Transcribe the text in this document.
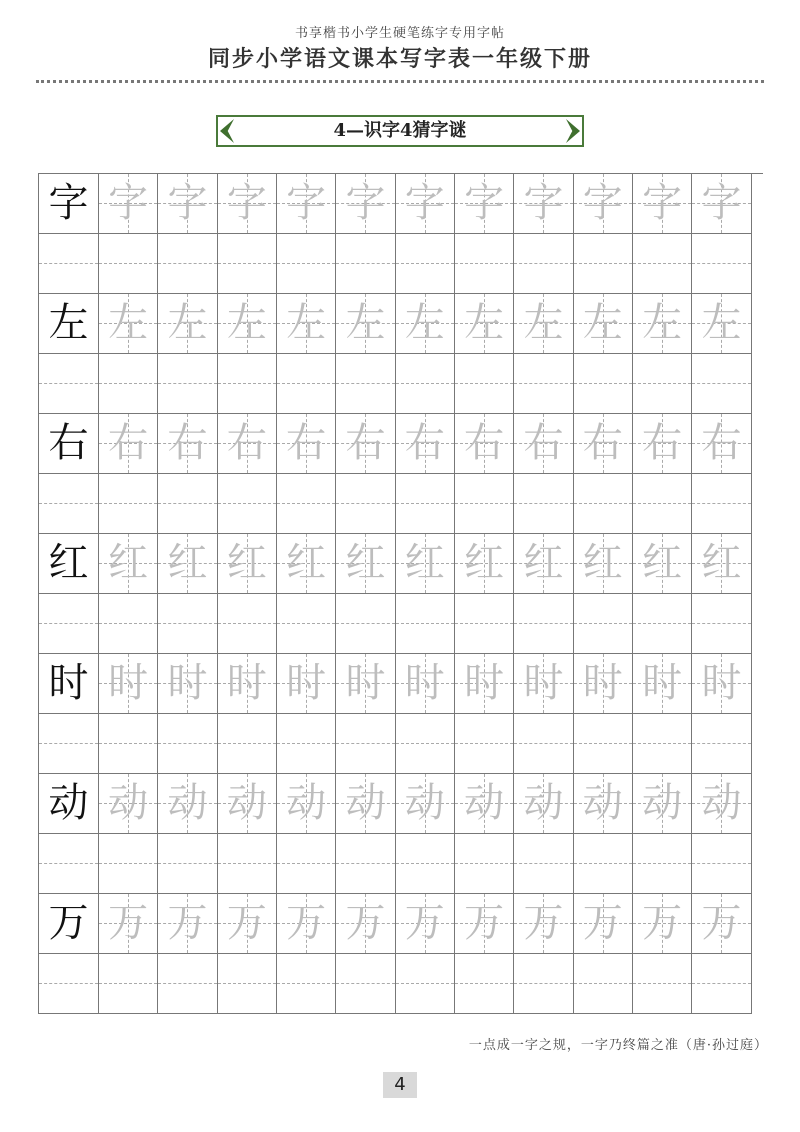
书享楷书小学生硬笔练字专用字帖
同步小学语文课本写字表一年级下册
4—识字4猜字谜
字 字 字 字 字 字 字 字 字 字 字 字
左 左 左 左 左 左 左 左 左 左 左 左
右 右 右 右 右 右 右 右 右 右 右 右
红 红 红 红 红 红 红 红 红 红 红 红
时 时 时 时 时 时 时 时 时 时 时 时
动 动 动 动 动 动 动 动 动 动 动 动
万 万 万 万 万 万 万 万 万 万 万 万
一点成一字之规，一字乃终篇之准（唐·孙过庭）
4
